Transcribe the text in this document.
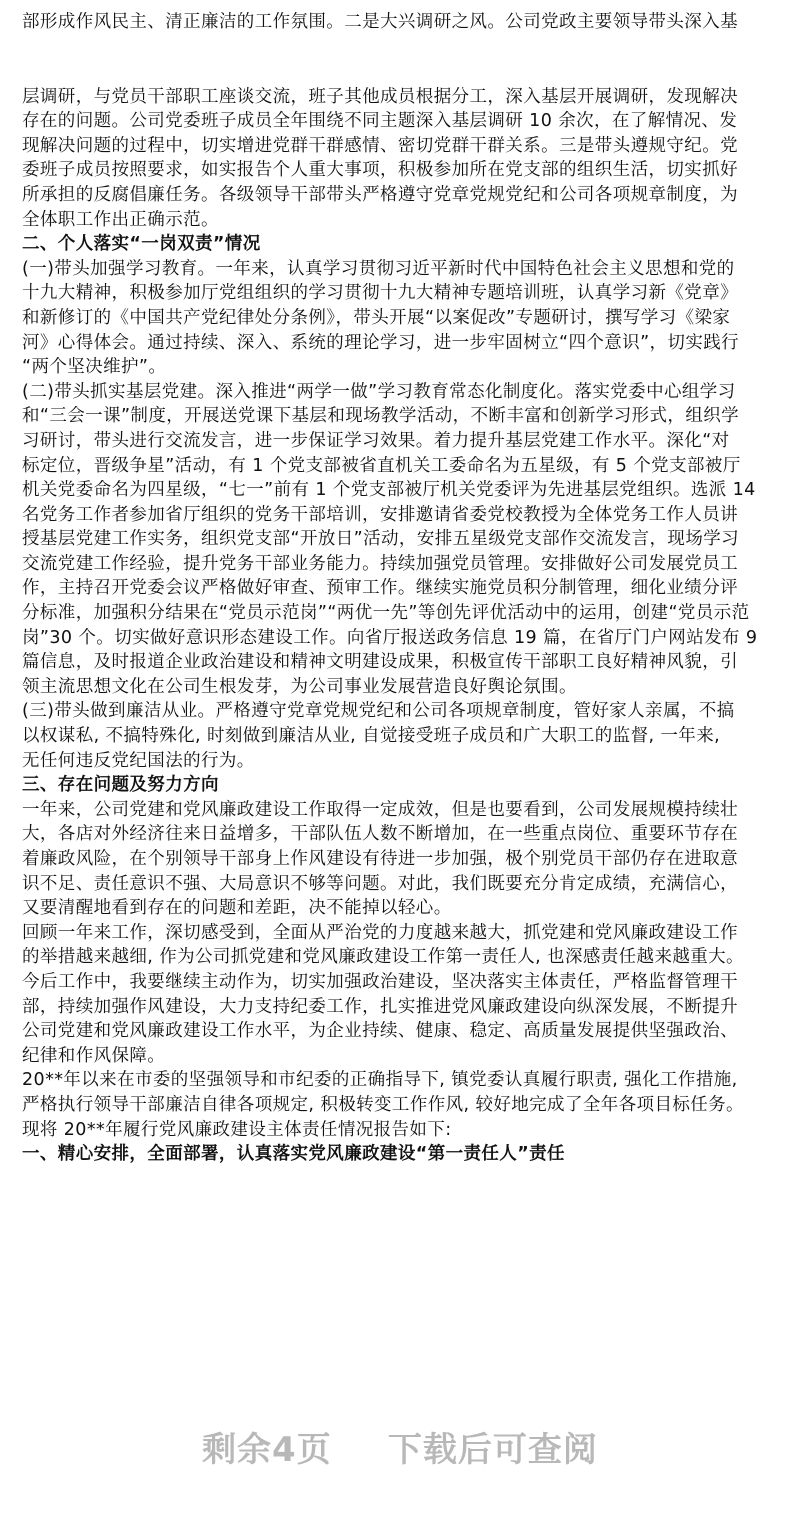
部形成作风民主、清正廉洁的工作氛围。二是大兴调研之风。公司党政主要领导带头深入基
层调研，与党员干部职工座谈交流，班子其他成员根据分工，深入基层开展调研，发现解决
存在的问题。公司党委班子成员全年围绕不同主题深入基层调研 10 余次，在了解情况、发
现解决问题的过程中，切实增进党群干群感情、密切党群干群关系。三是带头遵规守纪。党
委班子成员按照要求，如实报告个人重大事项，积极参加所在党支部的组织生活，切实抓好
所承担的反腐倡廉任务。各级领导干部带头严格遵守党章党规党纪和公司各项规章制度，为
全体职工作出正确示范。
二、个人落实“一岗双责”情况
(一)带头加强学习教育。一年来，认真学习贯彻习近平新时代中国特色社会主义思想和党的
十九大精神，积极参加厅党组组织的学习贯彻十九大精神专题培训班，认真学习新《党章》
和新修订的《中国共产党纪律处分条例》，带头开展“以案促改”专题研讨，撰写学习《梁家
河》心得体会。通过持续、深入、系统的理论学习，进一步牢固树立“四个意识”，切实践行
“两个坚决维护”。
(二)带头抓实基层党建。深入推进“两学一做”学习教育常态化制度化。落实党委中心组学习
和“三会一课”制度，开展送党课下基层和现场教学活动，不断丰富和创新学习形式，组织学
习研讨，带头进行交流发言，进一步保证学习效果。着力提升基层党建工作水平。深化“对
标定位，晋级争星”活动，有 1 个党支部被省直机关工委命名为五星级，有 5 个党支部被厅
机关党委命名为四星级，“七一”前有 1 个党支部被厅机关党委评为先进基层党组织。选派 14
名党务工作者参加省厅组织的党务干部培训，安排邀请省委党校教授为全体党务工作人员讲
授基层党建工作实务，组织党支部“开放日”活动，安排五星级党支部作交流发言，现场学习
交流党建工作经验，提升党务干部业务能力。持续加强党员管理。安排做好公司发展党员工
作，主持召开党委会议严格做好审查、预审工作。继续实施党员积分制管理，细化业绩分评
分标准，加强积分结果在“党员示范岗”“两优一先”等创先评优活动中的运用，创建“党员示范
岗”30 个。切实做好意识形态建设工作。向省厅报送政务信息 19 篇，在省厅门户网站发布 9
篇信息，及时报道企业政治建设和精神文明建设成果，积极宣传干部职工良好精神风貌，引
领主流思想文化在公司生根发芽，为公司事业发展营造良好舆论氛围。
(三)带头做到廉洁从业。严格遵守党章党规党纪和公司各项规章制度，管好家人亲属，不搞
以权谋私, 不搞特殊化, 时刻做到廉洁从业, 自觉接受班子成员和广大职工的监督, 一年来,
无任何违反党纪国法的行为。
三、存在问题及努力方向
一年来，公司党建和党风廉政建设工作取得一定成效，但是也要看到，公司发展规模持续壮
大，各店对外经济往来日益增多，干部队伍人数不断增加，在一些重点岗位、重要环节存在
着廉政风险，在个别领导干部身上作风建设有待进一步加强，极个别党员干部仍存在进取意
识不足、责任意识不强、大局意识不够等问题。对此，我们既要充分肯定成绩，充满信心，
又要清醒地看到存在的问题和差距，决不能掉以轻心。
回顾一年来工作，深切感受到，全面从严治党的力度越来越大，抓党建和党风廉政建设工作
的举措越来越细, 作为公司抓党建和党风廉政建设工作第一责任人, 也深感责任越来越重大。
今后工作中，我要继续主动作为，切实加强政治建设，坚决落实主体责任，严格监督管理干
部，持续加强作风建设，大力支持纪委工作，扎实推进党风廉政建设向纵深发展，不断提升
公司党建和党风廉政建设工作水平，为企业持续、健康、稳定、高质量发展提供坚强政治、
纪律和作风保障。
20**年以来在市委的坚强领导和市纪委的正确指导下, 镇党委认真履行职责, 强化工作措施,
严格执行领导干部廉洁自律各项规定, 积极转变工作作风, 较好地完成了全年各项目标任务。
现将 20**年履行党风廉政建设主体责任情况报告如下:
一、精心安排，全面部署，认真落实党风廉政建设“第一责任人”责任
剩余4页 下载后可查阅
